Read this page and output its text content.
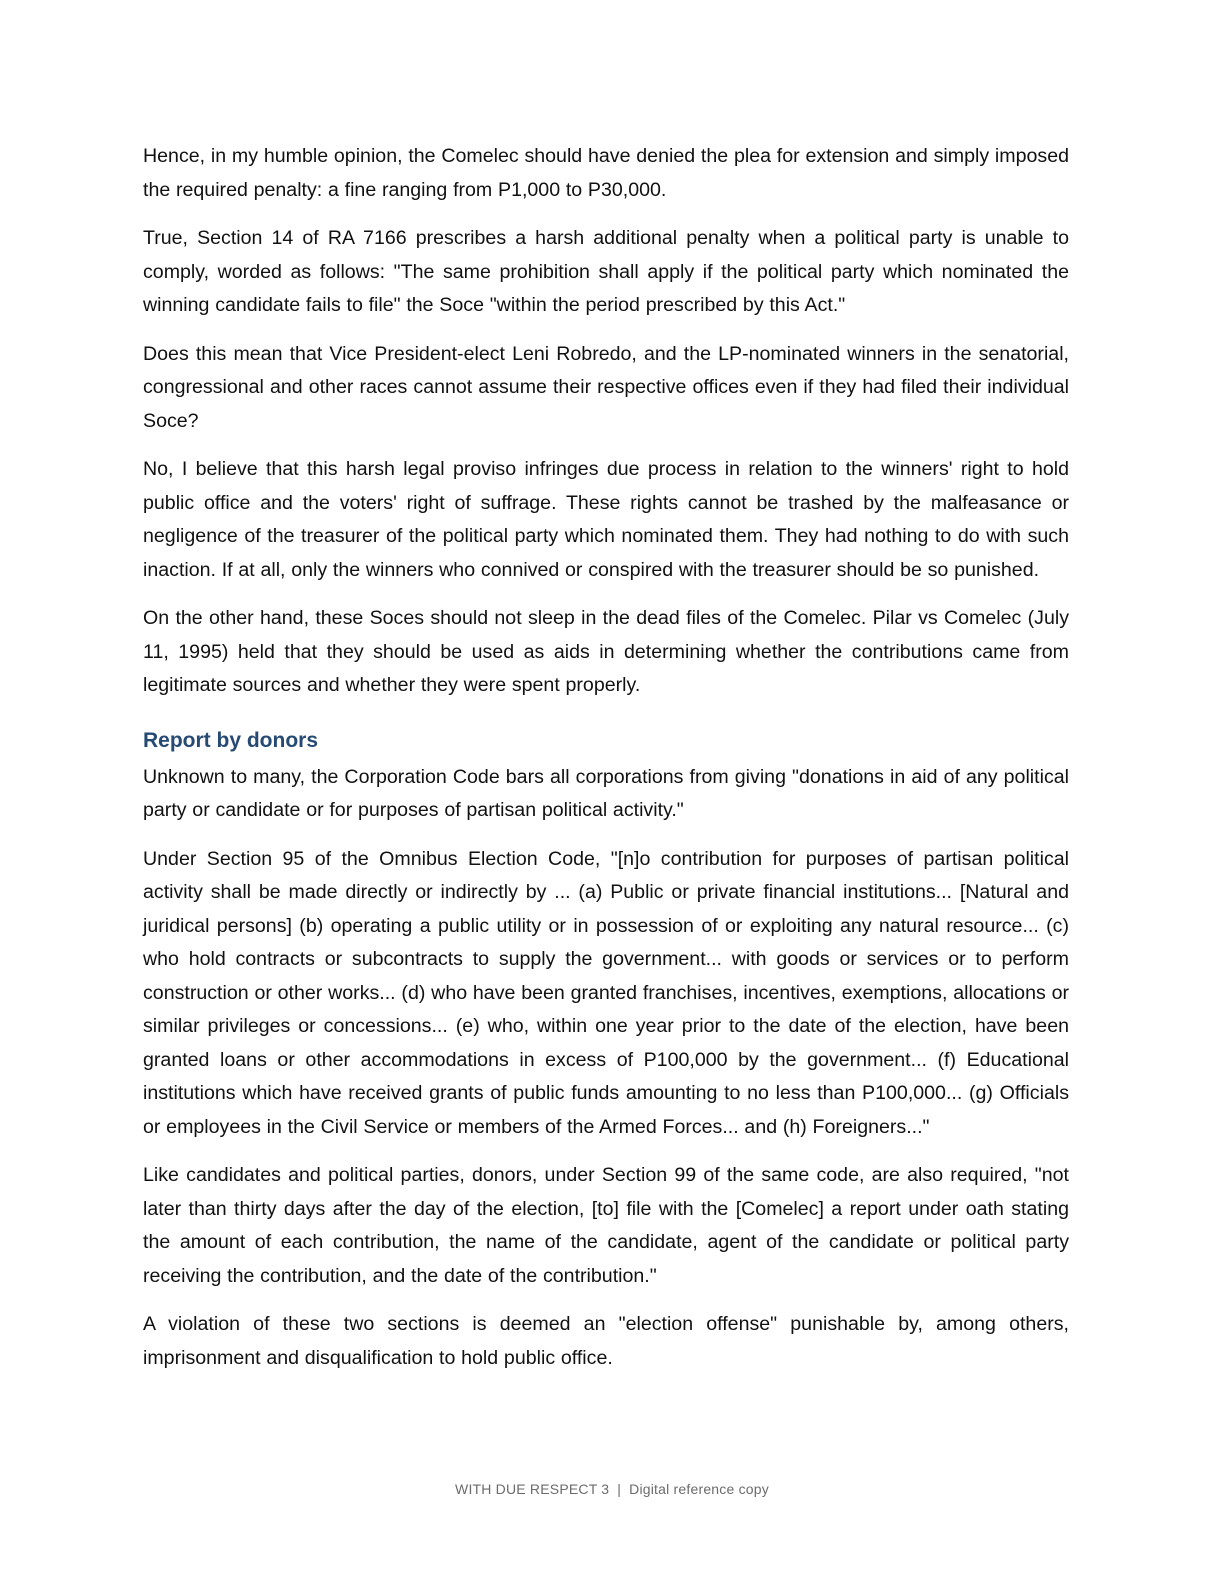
Hence, in my humble opinion, the Comelec should have denied the plea for extension and simply imposed the required penalty: a fine ranging from P1,000 to P30,000.

True, Section 14 of RA 7166 prescribes a harsh additional penalty when a political party is unable to comply, worded as follows: "The same prohibition shall apply if the political party which nominated the winning candidate fails to file" the Soce "within the period prescribed by this Act."

Does this mean that Vice President-elect Leni Robredo, and the LP-nominated winners in the senatorial, congressional and other races cannot assume their respective offices even if they had filed their individual Soce?

No, I believe that this harsh legal proviso infringes due process in relation to the winners' right to hold public office and the voters' right of suffrage. These rights cannot be trashed by the malfeasance or negligence of the treasurer of the political party which nominated them. They had nothing to do with such inaction. If at all, only the winners who connived or conspired with the treasurer should be so punished.

On the other hand, these Soces should not sleep in the dead files of the Comelec. Pilar vs Comelec (July 11, 1995) held that they should be used as aids in determining whether the contributions came from legitimate sources and whether they were spent properly.

Report by donors

Unknown to many, the Corporation Code bars all corporations from giving "donations in aid of any political party or candidate or for purposes of partisan political activity."

Under Section 95 of the Omnibus Election Code, "[n]o contribution for purposes of partisan political activity shall be made directly or indirectly by ... (a) Public or private financial institutions... [Natural and juridical persons] (b) operating a public utility or in possession of or exploiting any natural resource... (c) who hold contracts or subcontracts to supply the government... with goods or services or to perform construction or other works... (d) who have been granted franchises, incentives, exemptions, allocations or similar privileges or concessions... (e) who, within one year prior to the date of the election, have been granted loans or other accommodations in excess of P100,000 by the government... (f) Educational institutions which have received grants of public funds amounting to no less than P100,000... (g) Officials or employees in the Civil Service or members of the Armed Forces... and (h) Foreigners..."

Like candidates and political parties, donors, under Section 99 of the same code, are also required, "not later than thirty days after the day of the election, [to] file with the [Comelec] a report under oath stating the amount of each contribution, the name of the candidate, agent of the candidate or political party receiving the contribution, and the date of the contribution."

A violation of these two sections is deemed an "election offense" punishable by, among others, imprisonment and disqualification to hold public office.

WITH DUE RESPECT 3 | Digital reference copy
